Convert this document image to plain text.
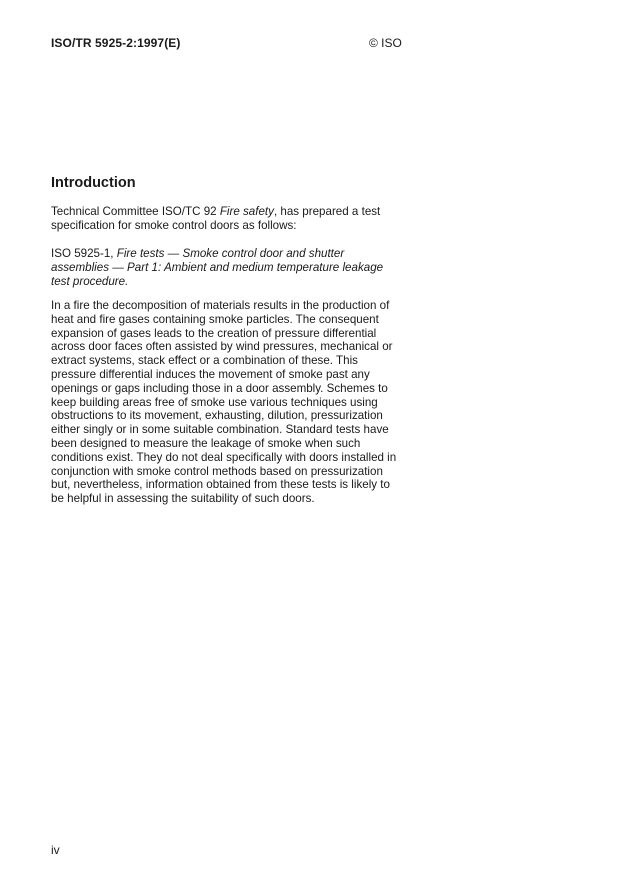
ISO/TR 5925-2:1997(E)	© ISO
Introduction

Technical Committee ISO/TC 92 Fire safety, has prepared a test specification for smoke control doors as follows:

ISO 5925-1, Fire tests — Smoke control door and shutter assemblies — Part 1: Ambient and medium temperature leakage test procedure.

In a fire the decomposition of materials results in the production of heat and fire gases containing smoke particles. The consequent expansion of gases leads to the creation of pressure differential across door faces often assisted by wind pressures, mechanical or extract systems, stack effect or a combination of these. This pressure differential induces the movement of smoke past any openings or gaps including those in a door assembly. Schemes to keep building areas free of smoke use various techniques using obstructions to its movement, exhausting, dilution, pressurization either singly or in some suitable combination. Standard tests have been designed to measure the leakage of smoke when such conditions exist. They do not deal specifically with doors installed in conjunction with smoke control methods based on pressurization but, nevertheless, information obtained from these tests is likely to be helpful in assessing the suitability of such doors.

iv
